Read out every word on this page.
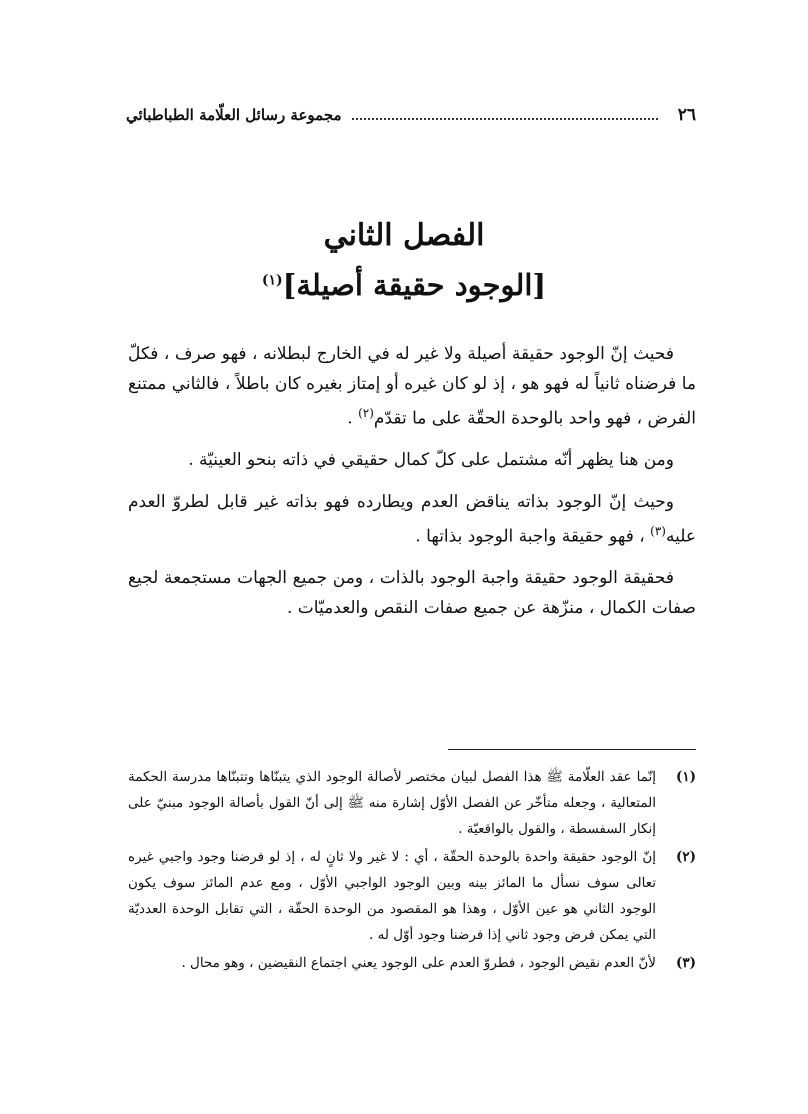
٢٦
مجموعة رسائل العلّامة الطباطبائي
الفصل الثاني
[الوجود حقيقة أصيلة]$^{(١)}$

فحيث إنّ الوجود حقيقة أصيلة ولا غير له في الخارج لبطلانه ، فهو صرف ، فكلّ ما فرضناه ثانياً له فهو هو ، إذ لو كان غيره أو إمتاز بغيره كان باطلاً ، فالثاني ممتنع الفرض ، فهو واحد بالوحدة الحقّة على ما تقدّم$^{(٢)}$ .

ومن هنا يظهر أنّه مشتمل على كلّ كمال حقيقي في ذاته بنحو العينيّة .

وحيث إنّ الوجود بذاته يناقض العدم ويطارده فهو بذاته غير قابل لطروّ العدم عليه$^{(٣)}$ ، فهو حقيقة واجبة الوجود بذاتها .

فحقيقة الوجود حقيقة واجبة الوجود بالذات ، ومن جميع الجهات مستجمعة لجيع صفات الكمال ، منزّهة عن جميع صفات النقص والعدميّات .

(١)
إنّما عقد العلّامة ﷺ هذا الفصل لبيان مختصر لأصالة الوجود الذي يتبنّاها وتتبنّاها مدرسة الحكمة المتعالية ، وجعله متأخّر عن الفصل الأوّل إشارة منه ﷺ إلى أنّ القول بأصالة الوجود مبنيّ على إنكار السفسطة ، والقول بالواقعيّة .
(٢)
إنّ الوجود حقيقة واحدة بالوحدة الحقّة ، أي : لا غير ولا ثانٍ له ، إذ لو فرضنا وجود واجبي غيره تعالى سوف نسأل ما المائز بينه وبين الوجود الواجبي الأوّل ، ومع عدم المائز سوف يكون الوجود الثاني هو عين الأوّل ، وهذا هو المقصود من الوحدة الحقّة ، التي تقابل الوحدة العدديّة التي يمكن فرض وجود ثاني إذا فرضنا وجود أوّل له .
(٣)
لأنّ العدم نقيض الوجود ، فطروّ العدم على الوجود يعني اجتماع النقيضين ، وهو محال .
